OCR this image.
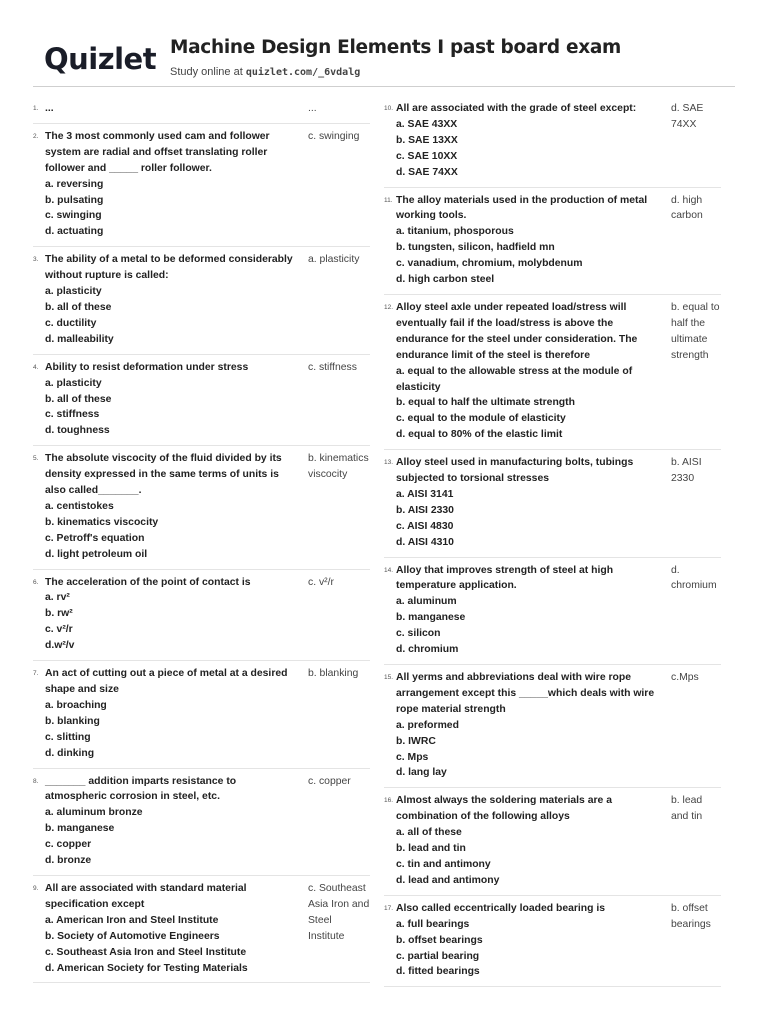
Quizlet Machine Design Elements I past board exam
Study online at quizlet.com/_6vdalg
1. ...	...
2. The 3 most commonly used cam and follower system are radial and offset translating roller follower and _____ roller follower.
a. reversing
b. pulsating
c. swinging
d. actuating
c. swinging
3. The ability of a metal to be deformed considerably without rupture is called:
a. plasticity
b. all of these
c. ductility
d. malleability
a. plasticity
4. Ability to resist deformation under stress
a. plasticity
b. all of these
c. stiffness
d. toughness
c. stiffness
5. The absolute viscocity of the fluid divided by its density expressed in the same terms of units is also called_______.
a. centistokes
b. kinematics viscocity
c. Petroff's equation
d. light petroleum oil
b. kinematics viscocity
6. The acceleration of the point of contact is
a. rv²
b. rw²
c. v²/r
d.w²/v
c. v²/r
7. An act of cutting out a piece of metal at a desired shape and size
a. broaching
b. blanking
c. slitting
d. dinking
b. blanking
8. _______ addition imparts resistance to atmospheric corrosion in steel, etc.
a. aluminum bronze
b. manganese
c. copper
d. bronze
c. copper
9. All are associated with standard material specification except
a. American Iron and Steel Institute
b. Society of Automotive Engineers
c. Southeast Asia Iron and Steel Institute
d. American Society for Testing Materials
c. Southeast Asia Iron and Steel Institute
10. All are associated with the grade of steel except:
a. SAE 43XX
b. SAE 13XX
c. SAE 10XX
d. SAE 74XX
d. SAE 74XX
11. The alloy materials used in the production of metal working tools.
a. titanium, phosporous
b. tungsten, silicon, hadfield mn
c. vanadium, chromium, molybdenum
d. high carbon steel
d. high carbon
12. Alloy steel axle under repeated load/stress will eventually fail if the load/stress is above the endurance for the steel under consideration. The endurance limit of the steel is therefore
a. equal to the allowable stress at the module of elasticity
b. equal to half the ultimate strength
c. equal to the module of elasticity
d. equal to 80% of the elastic limit
b. equal to half the ultimate strength
13. Alloy steel used in manufacturing bolts, tubings subjected to torsional stresses
a. AISI 3141
b. AISI 2330
c. AISI 4830
d. AISI 4310
b. AISI 2330
14. Alloy that improves strength of steel at high temperature application.
a. aluminum
b. manganese
c. silicon
d. chromium
d. chromium
15. All yerms and abbreviations deal with wire rope arrangement except this _____which deals with wire rope material strength
a. preformed
b. IWRC
c. Mps
d. lang lay
c.Mps
16. Almost always the soldering materials are a combination of the following alloys
a. all of these
b. lead and tin
c. tin and antimony
d. lead and antimony
b. lead and tin
17. Also called eccentrically loaded bearing is
a. full bearings
b. offset bearings
c. partial bearing
d. fitted bearings
b. offset bearings
